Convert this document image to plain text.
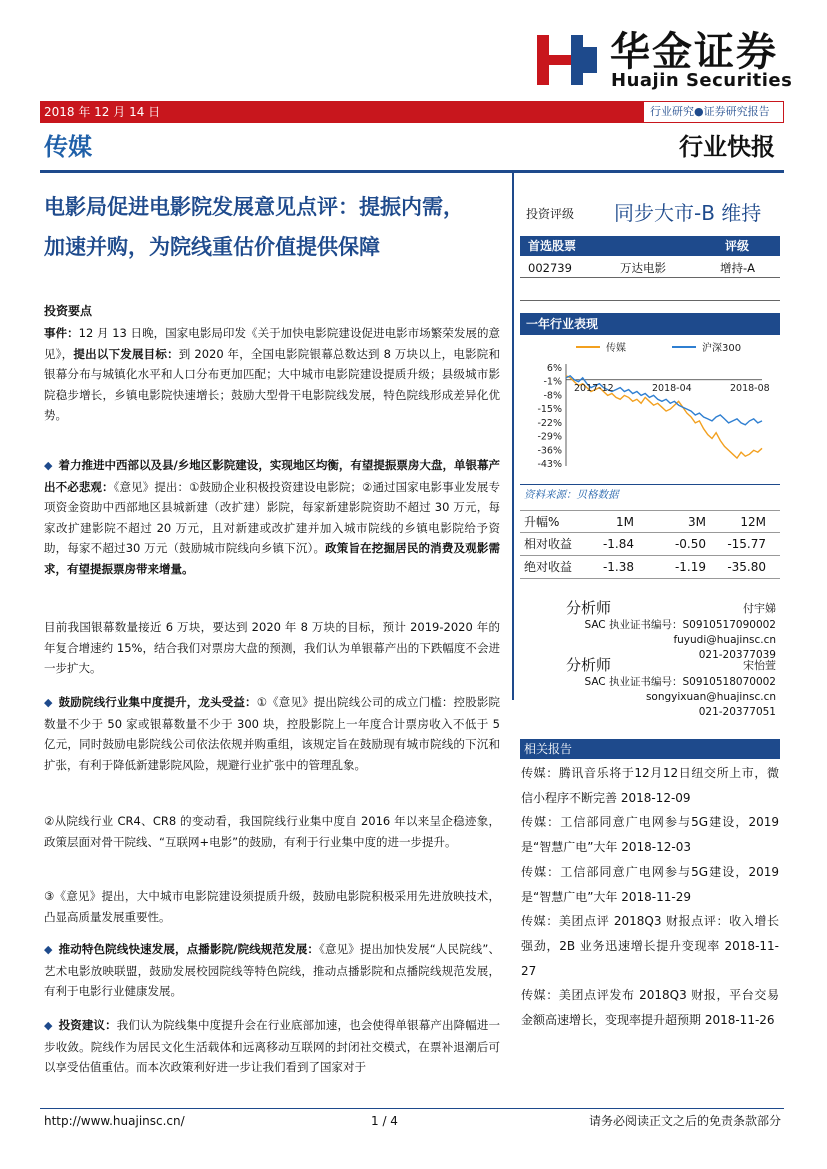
华金证券
Huajin Securities
2018 年 12 月 14 日	行业研究●证券研究报告
传媒	行业快报
电影局促进电影院发展意见点评：提振内需，
加速并购，为院线重估价值提供保障
投资要点
事件：12 月 13 日晚，国家电影局印发《关于加快电影院建设促进电影市场繁荣发展的意见》，提出以下发展目标：到 2020 年，全国电影院银幕总数达到 8 万块以上，电影院和银幕分布与城镇化水平和人口分布更加匹配；大中城市电影院建设提质升级；县级城市影院稳步增长，乡镇电影院快速增长；鼓励大型骨干电影院线发展，特色院线形成差异化优势。
◆ 着力推进中西部以及县/乡地区影院建设，实现地区均衡，有望提振票房大盘，单银幕产出不必悲观：《意见》提出：①鼓励企业积极投资建设电影院；②通过国家电影事业发展专项资金资助中西部地区县城新建（改扩建）影院，每家新建影院资助不超过 30 万元，每家改扩建影院不超过 20 万元，且对新建或改扩建并加入城市院线的乡镇电影院给予资助，每家不超过30 万元（鼓励城市院线向乡镇下沉）。政策旨在挖掘居民的消费及观影需求，有望提振票房带来增量。
目前我国银幕数量接近 6 万块，要达到 2020 年 8 万块的目标，预计 2019-2020 年的年复合增速约 15%，结合我们对票房大盘的预测，我们认为单银幕产出的下跌幅度不会进一步扩大。
◆ 鼓励院线行业集中度提升，龙头受益：①《意见》提出院线公司的成立门槛：控股影院数量不少于 50 家或银幕数量不少于 300 块，控股影院上一年度合计票房收入不低于 5 亿元，同时鼓励电影院线公司依法依规并购重组，该规定旨在鼓励现有城市院线的下沉和扩张，有利于降低新建影院风险，规避行业扩张中的管理乱象。
②从院线行业 CR4、CR8 的变动看，我国院线行业集中度自 2016 年以来呈企稳迹象，政策层面对骨干院线、“互联网+电影”的鼓励，有利于行业集中度的进一步提升。
③《意见》提出，大中城市电影院建设须提质升级，鼓励电影院积极采用先进放映技术，凸显高质量发展重要性。
◆ 推动特色院线快速发展，点播影院/院线规范发展：《意见》提出加快发展“人民院线”、艺术电影放映联盟，鼓励发展校园院线等特色院线，推动点播影院和点播院线规范发展，有利于电影行业健康发展。
◆ 投资建议：我们认为院线集中度提升会在行业底部加速，也会使得单银幕产出降幅进一步收敛。院线作为居民文化生活载体和远离移动互联网的封闭社交模式，在票补退潮后可以享受估值重估。而本次政策利好进一步让我们看到了国家对于
投资评级 同步大市-B 维持
首选股票	评级
002739	万达电影	增持-A
一年行业表现
传媒	沪深300
6%
-1%
-8%
-15%
-22%
-29%
-36%
-43%
2017-12	2018-04	2018-08
资料来源：贝格数据
升幅%	1M	3M	12M
相对收益	-1.84	-0.50 -15.77
绝对收益	-1.38	-1.19 -35.80
分析师	付宇娣
SAC 执业证书编号：S0910517090002
fuyudi@huajinsc.cn
021-20377039
分析师	宋怡萱
SAC 执业证书编号：S0910518070002
songyixuan@huajinsc.cn
021-20377051
相关报告
传媒：腾讯音乐将于12月12日纽交所上市，微信小程序不断完善 2018-12-09
传媒：工信部同意广电网参与5G建设，2019是“智慧广电”大年 2018-12-03
传媒：工信部同意广电网参与5G建设，2019是“智慧广电”大年 2018-11-29
传媒：美团点评 2018Q3 财报点评：收入增长强劲，2B 业务迅速增长提升变现率 2018-11-27
传媒：美团点评发布 2018Q3 财报，平台交易金额高速增长，变现率提升超预期 2018-11-26
http://www.huajinsc.cn/	1 / 4	请务必阅读正文之后的免责条款部分
